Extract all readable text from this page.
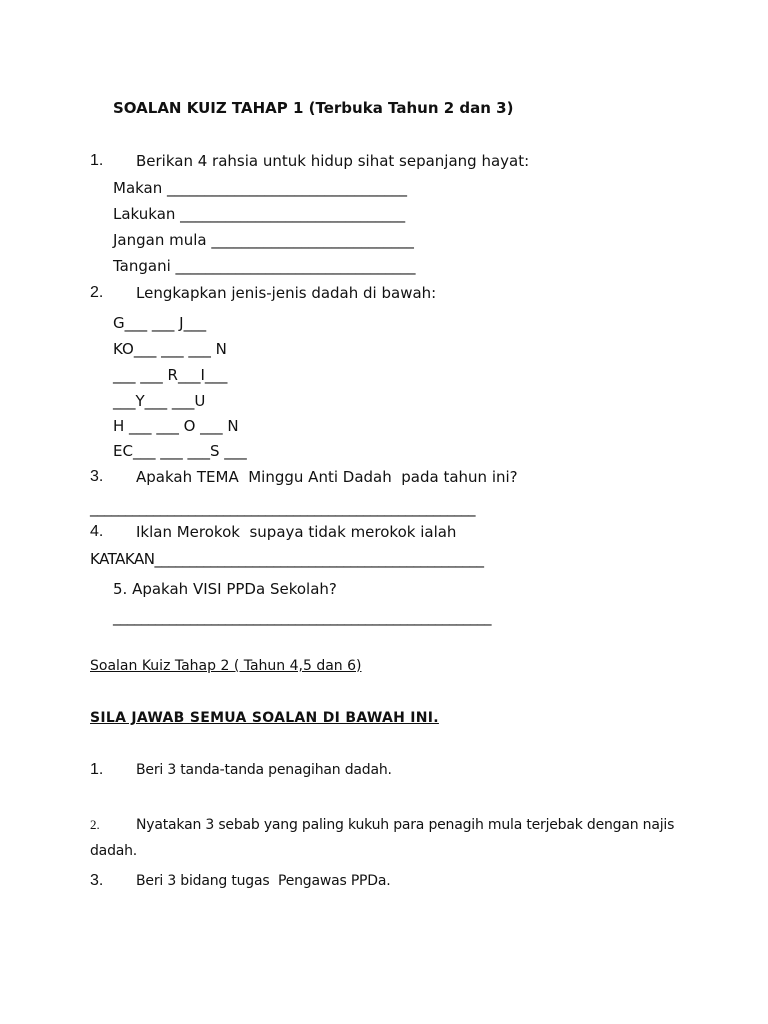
SOALAN KUIZ TAHAP 1 (Terbuka Tahun 2 dan 3)
1. Berikan 4 rahsia untuk hidup sihat sepanjang hayat:
Makan ________________________________
Lakukan ______________________________
Jangan mula ___________________________
Tangani ________________________________
2. Lengkapkan jenis-jenis dadah di bawah:
G___ ___ J___
KO___ ___ ___ N
___ ___ R___I___
___Y___ ___U
H ___ ___ O ___ N
EC___ ___ ___S ___
3. Apakah TEMA  Minggu Anti Dadah  pada tahun ini?
_______________________________________________________
4. Iklan Merokok  supaya tidak merokok ialah
KATAKAN_______________________________________________
5. Apakah VISI PPDa Sekolah?
______________________________________________________
Soalan Kuiz Tahap 2 ( Tahun 4,5 dan 6)
SILA JAWAB SEMUA SOALAN DI BAWAH INI.
1. Beri 3 tanda-tanda penagihan dadah.
2.	Nyatakan 3 sebab yang paling kukuh para penagih mula terjebak dengan najis
dadah.
3. Beri 3 bidang tugas  Pengawas PPDa.
